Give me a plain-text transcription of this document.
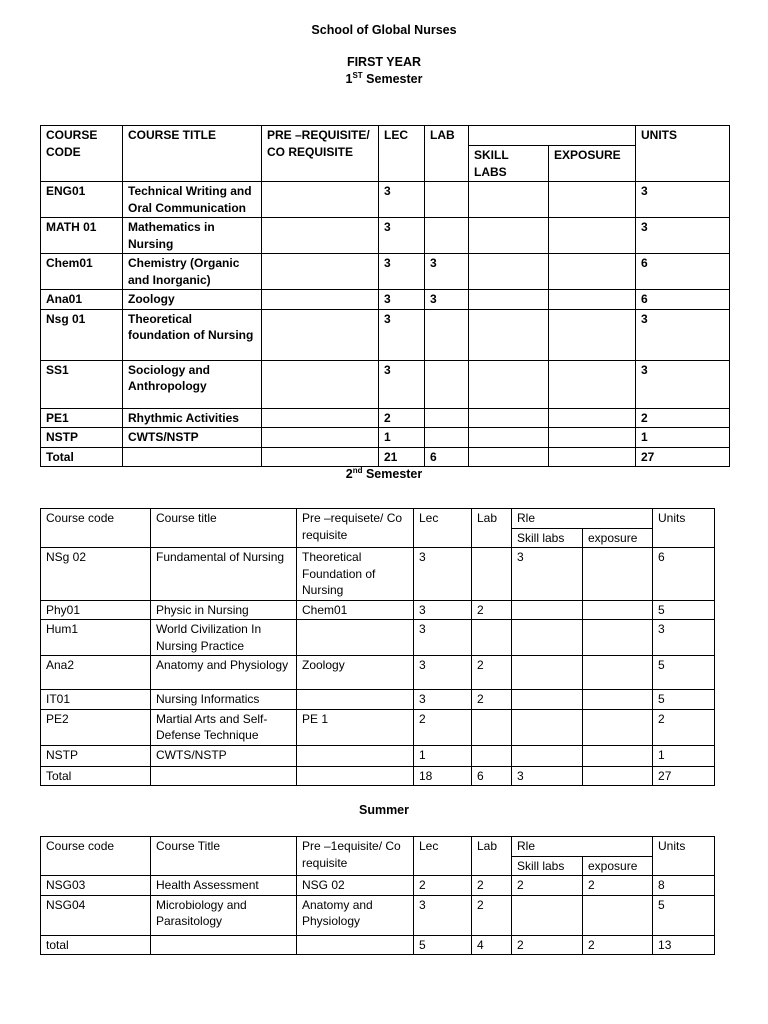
School of Global Nurses
FIRST YEAR
1ST Semester
COURSE CODE	COURSE TITLE	PRE –REQUISITE/ CO REQUISITE	LEC	LAB			UNITS
					SKILL LABS	EXPOSURE	
ENG01	Technical Writing and Oral Communication		3				3
MATH 01	Mathematics in Nursing		3				3
Chem01	Chemistry (Organic and Inorganic)		3	3			6
Ana01	Zoology		3	3			6
Nsg 01	Theoretical foundation of Nursing		3				3
SS1	Sociology and Anthropology		3				3
PE1	Rhythmic Activities		2				2
NSTP	CWTS/NSTP		1				1
Total			21	6			27
2nd Semester
Course code	Course title	Pre –requisete/ Co requisite	Lec	Lab	Rle		Units
					Skill labs	exposure	
NSg 02	Fundamental of Nursing	Theoretical Foundation of Nursing	3		3		6
Phy01	Physic in Nursing	Chem01	3	2			5
Hum1	World Civilization In Nursing Practice		3				3
Ana2	Anatomy and Physiology	Zoology	3	2			5
IT01	Nursing Informatics		3	2			5
PE2	Martial Arts and Self-Defense Technique	PE 1	2				2
NSTP	CWTS/NSTP		1				1
Total			18	6	3		27
Summer
Course code	Course Title	Pre –1equisite/ Co requisite	Lec	Lab	Rle		Units
					Skill labs	exposure	
NSG03	Health Assessment	NSG 02	2	2	2	2	8
NSG04	Microbiology and Parasitology	Anatomy and Physiology	3	2			5
total			5	4	2	2	13
